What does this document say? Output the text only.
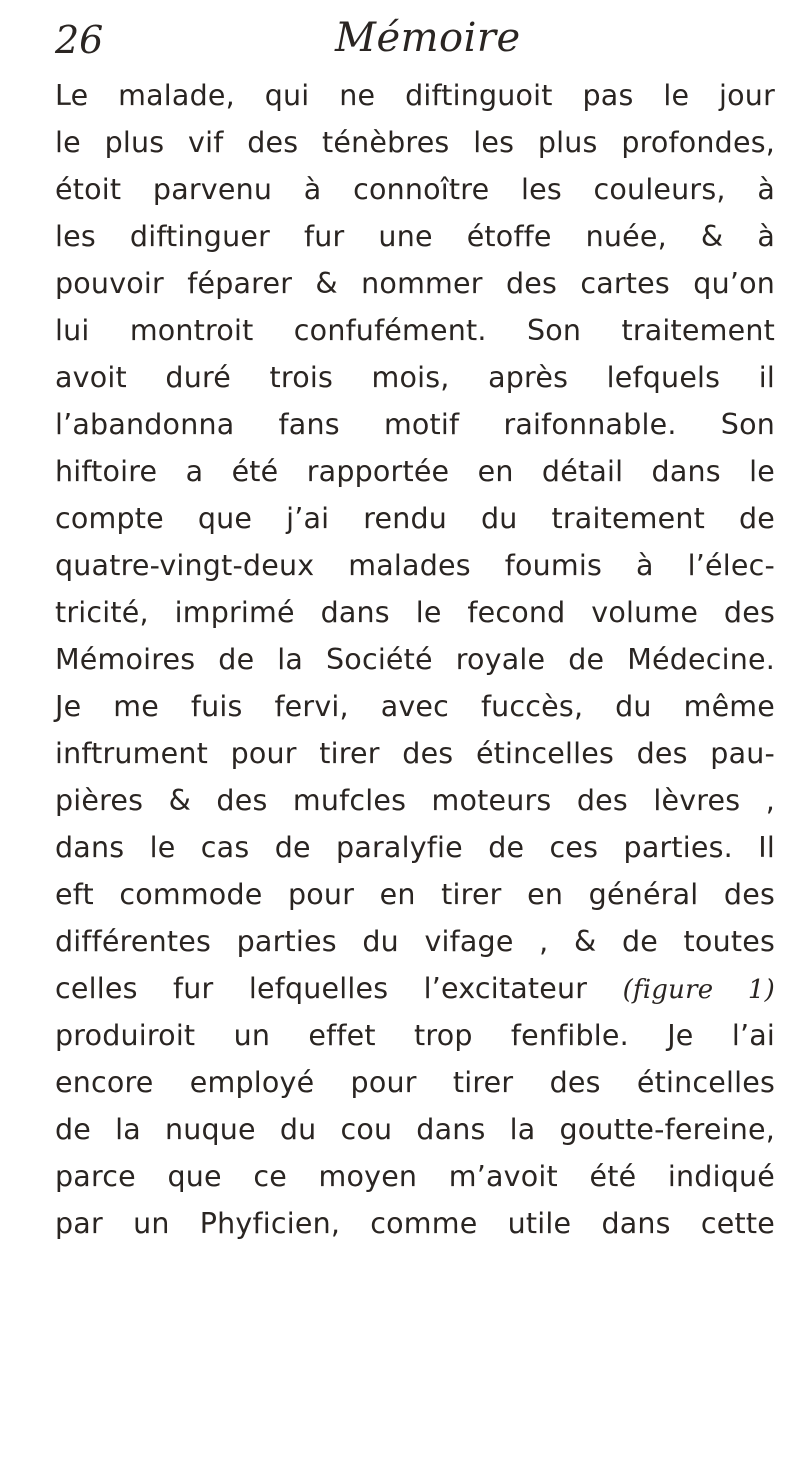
26	Mémoire
Le malade, qui ne diftinguoit pas le jour
le plus vif des ténèbres les plus profondes,
étoit parvenu à connoître les couleurs, à
les diftinguer fur une étoffe nuée, & à
pouvoir féparer & nommer des cartes qu’on
lui montroit confufément. Son traitement
avoit duré trois mois, après lefquels il
l’abandonna fans motif raifonnable. Son
hiftoire a été rapportée en détail dans le
compte que j’ai rendu du traitement de
quatre-vingt-deux malades foumis à l’élec-
tricité, imprimé dans le fecond volume des
Mémoires de la Société royale de Médecine.
Je me fuis fervi, avec fuccès, du même
inftrument pour tirer des étincelles des pau-
pières & des mufcles moteurs des lèvres ,
dans le cas de paralyfie de ces parties. Il
eft commode pour en tirer en général des
différentes parties du vifage , & de toutes
celles fur lefquelles l’excitateur (figure 1)
produiroit un effet trop fenfible. Je l’ai
encore employé pour tirer des étincelles
de la nuque du cou dans la goutte-fereine,
parce que ce moyen m’avoit été indiqué
par un Phyficien, comme utile dans cette
